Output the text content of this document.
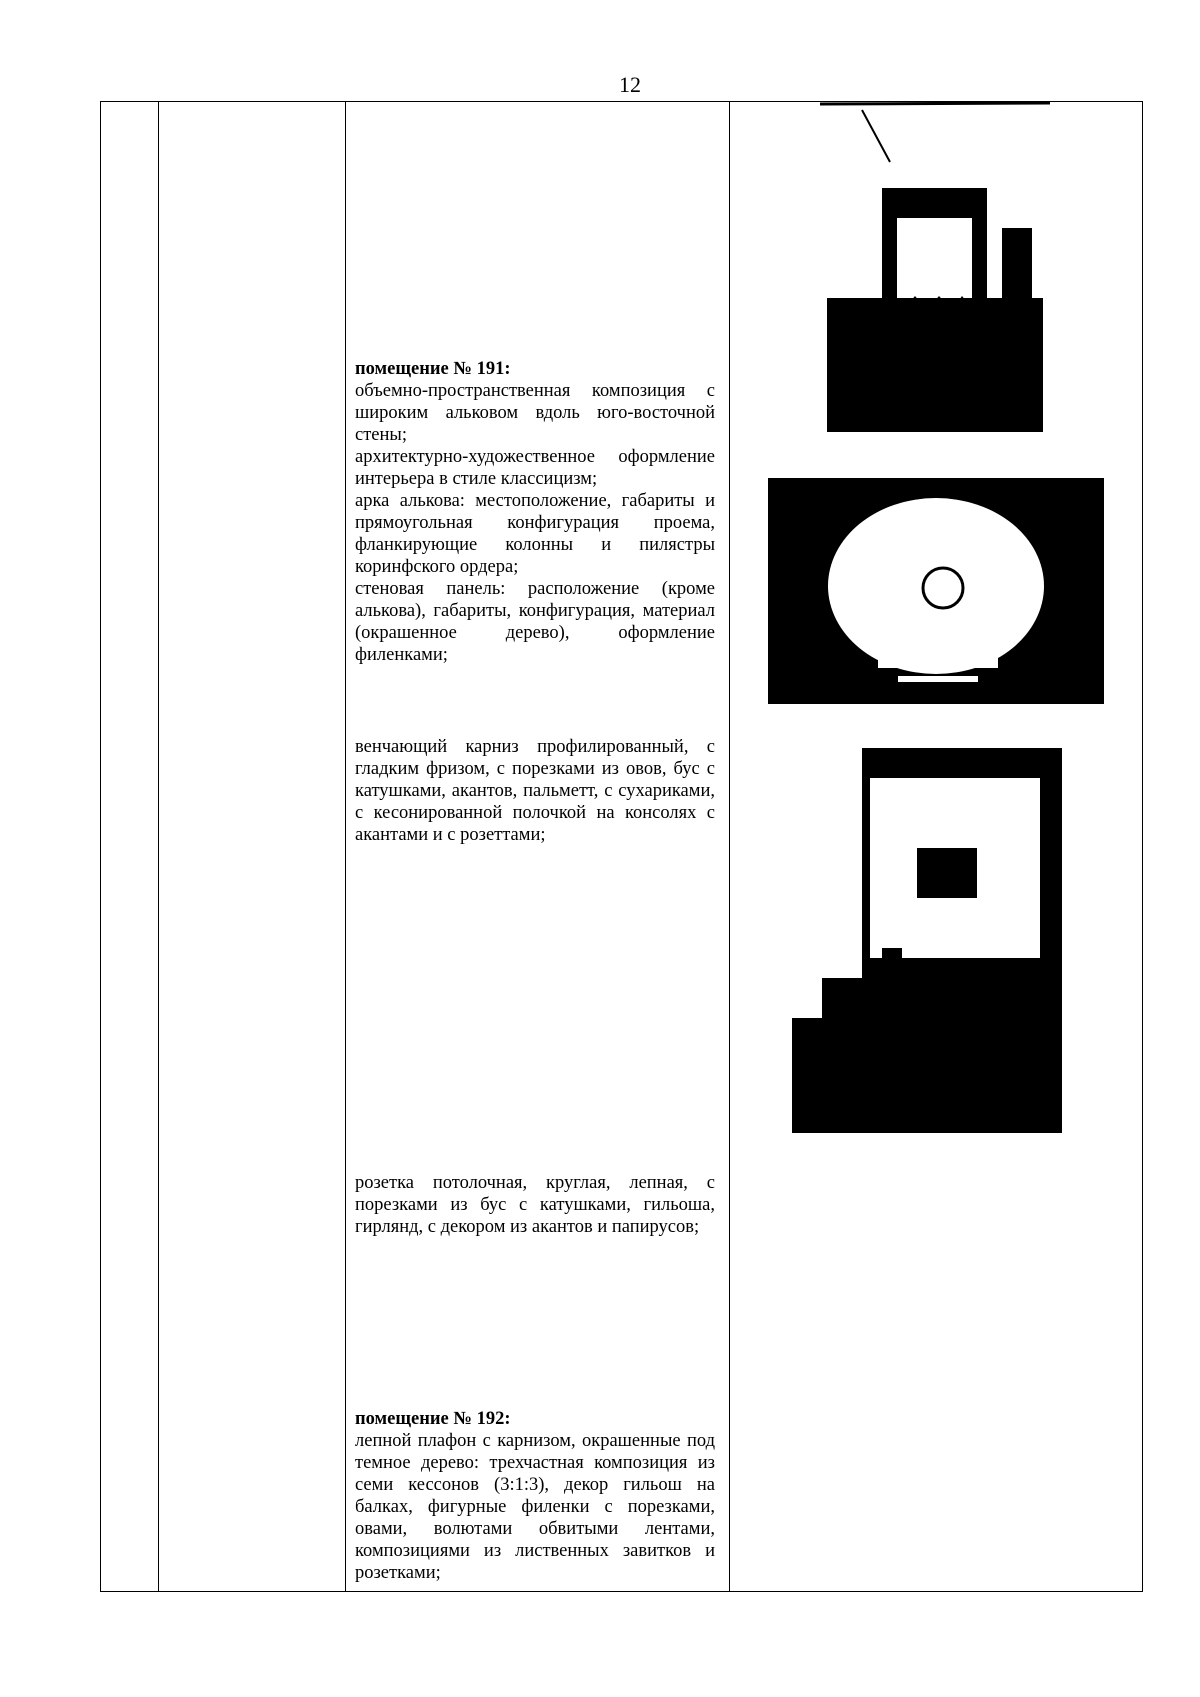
12

помещение № 191:

объемно-пространственная композиция с широким альковом вдоль юго-восточной стены;

архитектурно-художественное оформление интерьера в стиле классицизм;

арка алькова: местоположение, габариты и прямоугольная конфигурация проема, фланкирующие колонны и пилястры коринфского ордера;

стеновая панель: расположение (кроме алькова), габариты, конфигурация, материал (окрашенное дерево), оформление филенками;

венчающий карниз профилированный, с гладким фризом, с порезками из овов, бус с катушками, акантов, пальметт, с сухариками, с кесонированной полочкой на консолях с акантами и с розеттами;

розетка потолочная, круглая, лепная, с порезками из бус с катушками, гильоша, гирлянд, с декором из акантов и папирусов;

помещение № 192:

лепной плафон с карнизом, окрашенные под темное дерево: трехчастная композиция из семи кессонов (3:1:3), декор гильош на балках, фигурные филенки с порезками, овами, волютами обвитыми лентами, композициями из лиственных завитков и розетками;
